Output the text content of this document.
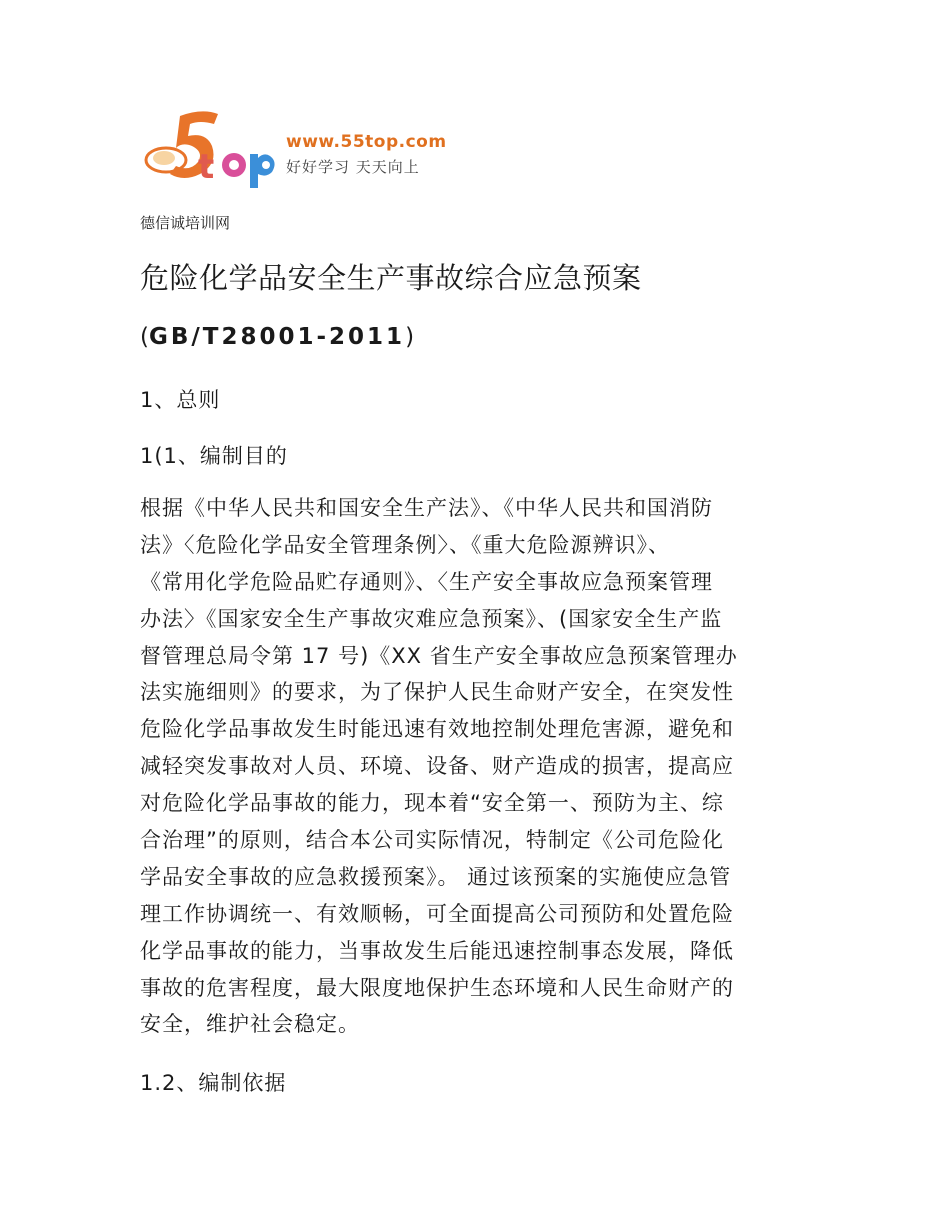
t
www.55top.com
好好学习 天天向上
德信诚培训网
危险化学品安全生产事故综合应急预案
(GB/T28001-2011)
1、总则
1(1、编制目的
根据《中华人民共和国安全生产法》、《中华人民共和国消防
法》〈危险化学品安全管理条例〉、《重大危险源辨识》、
《常用化学危险品贮存通则》、〈生产安全事故应急预案管理
办法〉《国家安全生产事故灾难应急预案》、(国家安全生产监
督管理总局令第 17 号)《XX 省生产安全事故应急预案管理办
法实施细则》的要求，为了保护人民生命财产安全，在突发性
危险化学品事故发生时能迅速有效地控制处理危害源，避免和
减轻突发事故对人员、环境、设备、财产造成的损害，提高应
对危险化学品事故的能力，现本着“安全第一、预防为主、综
合治理”的原则，结合本公司实际情况，特制定《公司危险化
学品安全事故的应急救援预案》。 通过该预案的实施使应急管
理工作协调统一、有效顺畅，可全面提高公司预防和处置危险
化学品事故的能力，当事故发生后能迅速控制事态发展，降低
事故的危害程度，最大限度地保护生态环境和人民生命财产的
安全，维护社会稳定。
1.2、编制依据
